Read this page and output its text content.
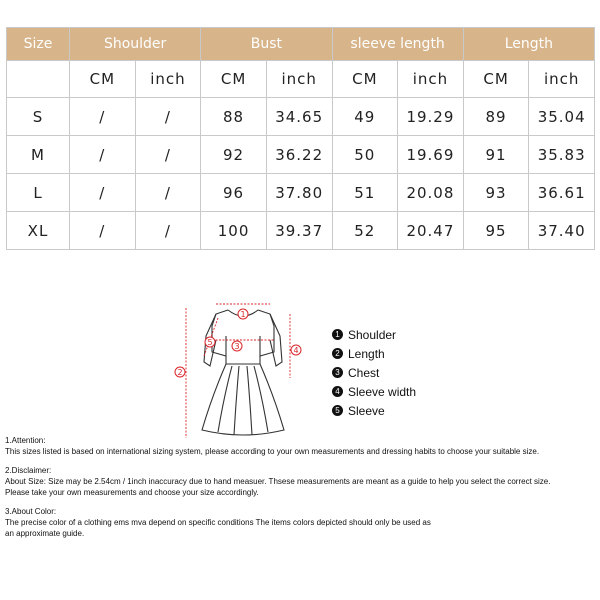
Size	Shoulder		Bust		sleeve length		Length	
	CM	inch	CM	inch	CM	inch	CM	inch
S	/	/	88	34.65	49	19.29	89	35.04
M	/	/	92	36.22	50	19.69	91	35.83
L	/	/	96	37.80	51	20.08	93	36.61
XL	/	/	100	39.37	52	20.47	95	37.40
1
2
3	4
5
1 Shoulder
2 Length
3 Chest
4 Sleeve width
5 Sleeve

1.Attention:

This sizes listed is based on international sizing system, please according to your own measurements and dressing habits to choose your suitable size.

2.Disclaimer:

About Size: Size may be 2.54cm / 1inch inaccuracy due to hand measuer. Thsese measurements are meant as a guide to help you select the correct size.

Please take your own measurements and choose your size accordingly.

3.About Color:

The precise color of a clothing ems mva depend on specific conditions The items colors depicted should only be used as

an approximate guide.
